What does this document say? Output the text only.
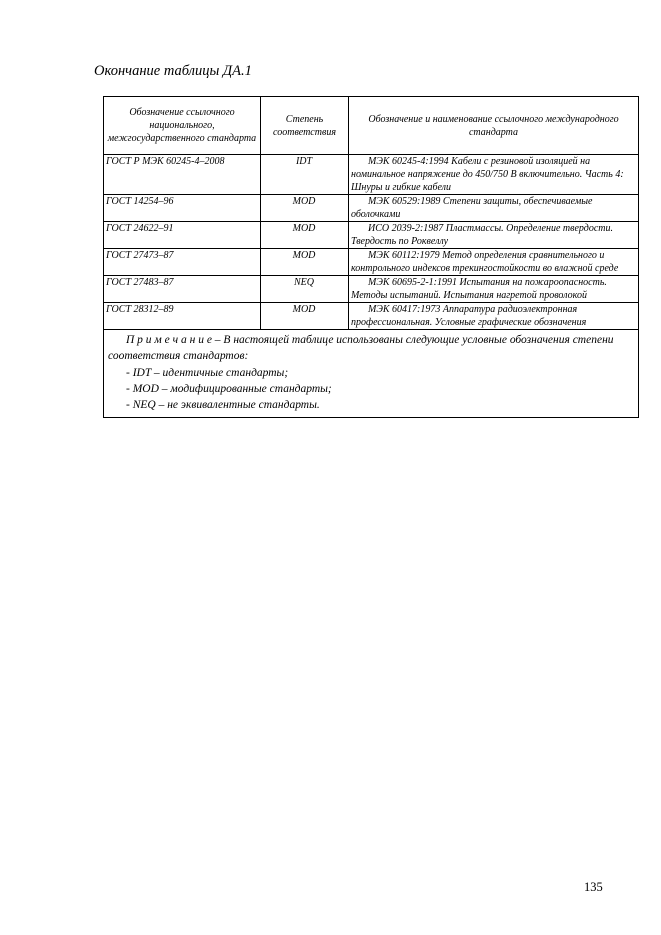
Окончание таблицы ДА.1
Обозначение ссылочного национального, межгосударственного стандарта	Степень соответствия	Обозначение и наименование ссылочного международного стандарта
ГОСТ Р МЭК 60245-4–2008	IDT	МЭК 60245-4:1994 Кабели с резиновой изоляцией на номинальное напряжение до 450/750 В включительно. Часть 4: Шнуры и гибкие кабели
ГОСТ 14254–96	MOD	МЭК 60529:1989 Степени защиты, обеспечиваемые оболочками
ГОСТ 24622–91	MOD	ИСО 2039-2:1987 Пластмассы. Определение твердости. Твердость по Роквеллу
ГОСТ 27473–87	MOD	МЭК 60112:1979 Метод определения сравнительного и контрольного индексов трекингостойкости во влажной среде
ГОСТ 27483–87	NEQ	МЭК 60695-2-1:1991 Испытания на пожароопасность. Методы испытаний. Испытания нагретой проволокой
ГОСТ 28312–89	MOD	МЭК 60417:1973 Аппаратура радиоэлектронная профессиональная. Условные графические обозначения

П р и м е ч а н и е – В настоящей таблице использованы следующие условные обозначения степени соответствия стандартов:
- IDT – идентичные стандарты;
- MOD – модифицированные стандарты;
- NEQ – не эквивалентные стандарты.		
135
